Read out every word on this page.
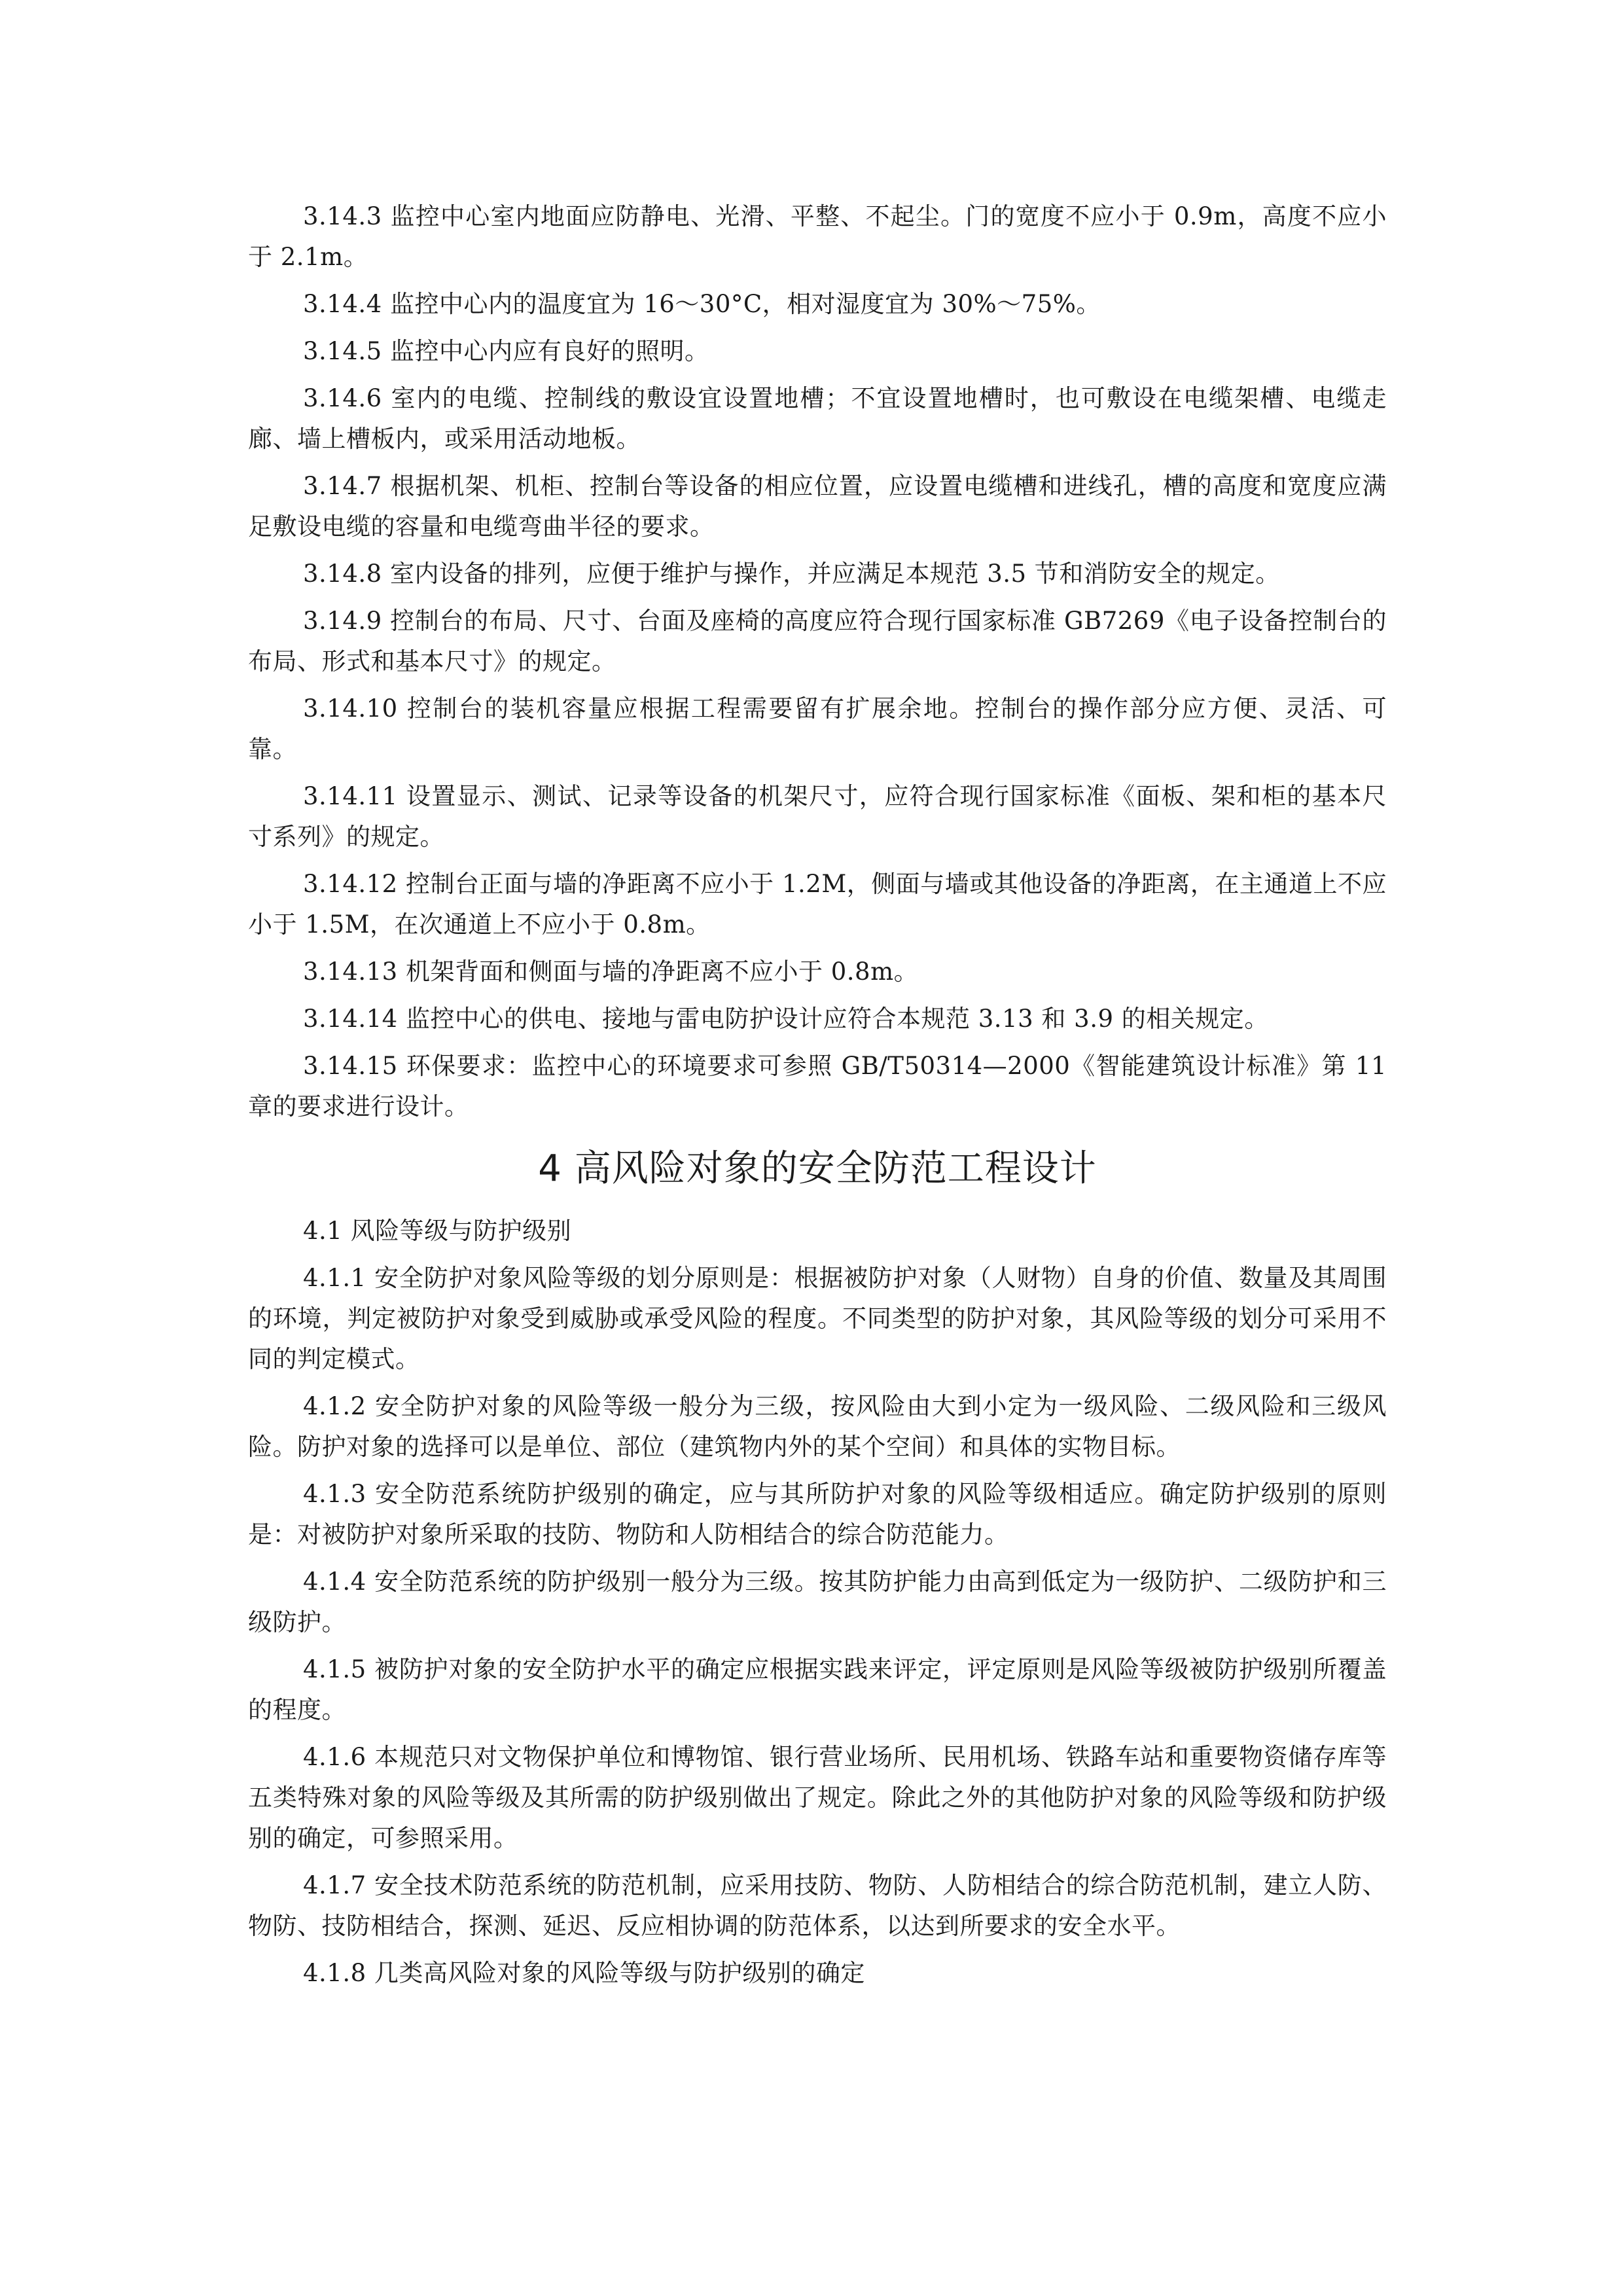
3.14.3 监控中心室内地面应防静电、光滑、平整、不起尘。门的宽度不应小于 0.9m，高度不应小于 2.1m。

3.14.4 监控中心内的温度宜为 16～30°C，相对湿度宜为 30%～75%。

3.14.5 监控中心内应有良好的照明。

3.14.6 室内的电缆、控制线的敷设宜设置地槽；不宜设置地槽时，也可敷设在电缆架槽、电缆走廊、墙上槽板内，或采用活动地板。

3.14.7 根据机架、机柜、控制台等设备的相应位置，应设置电缆槽和进线孔，槽的高度和宽度应满足敷设电缆的容量和电缆弯曲半径的要求。

3.14.8 室内设备的排列，应便于维护与操作，并应满足本规范 3.5 节和消防安全的规定。

3.14.9 控制台的布局、尺寸、台面及座椅的高度应符合现行国家标准 GB7269《电子设备控制台的布局、形式和基本尺寸》的规定。

3.14.10 控制台的装机容量应根据工程需要留有扩展余地。控制台的操作部分应方便、灵活、可靠。

3.14.11 设置显示、测试、记录等设备的机架尺寸，应符合现行国家标准《面板、架和柜的基本尺寸系列》的规定。

3.14.12 控制台正面与墙的净距离不应小于 1.2M，侧面与墙或其他设备的净距离，在主通道上不应小于 1.5M，在次通道上不应小于 0.8m。

3.14.13 机架背面和侧面与墙的净距离不应小于 0.8m。

3.14.14 监控中心的供电、接地与雷电防护设计应符合本规范 3.13 和 3.9 的相关规定。

3.14.15 环保要求：监控中心的环境要求可参照 GB/T50314—2000《智能建筑设计标准》第 11 章的要求进行设计。

4 高风险对象的安全防范工程设计

4.1 风险等级与防护级别

4.1.1 安全防护对象风险等级的划分原则是：根据被防护对象（人财物）自身的价值、数量及其周围的环境，判定被防护对象受到威胁或承受风险的程度。不同类型的防护对象，其风险等级的划分可采用不同的判定模式。

4.1.2 安全防护对象的风险等级一般分为三级，按风险由大到小定为一级风险、二级风险和三级风险。防护对象的选择可以是单位、部位（建筑物内外的某个空间）和具体的实物目标。

4.1.3 安全防范系统防护级别的确定，应与其所防护对象的风险等级相适应。确定防护级别的原则是：对被防护对象所采取的技防、物防和人防相结合的综合防范能力。

4.1.4 安全防范系统的防护级别一般分为三级。按其防护能力由高到低定为一级防护、二级防护和三级防护。

4.1.5 被防护对象的安全防护水平的确定应根据实践来评定，评定原则是风险等级被防护级别所覆盖的程度。

4.1.6 本规范只对文物保护单位和博物馆、银行营业场所、民用机场、铁路车站和重要物资储存库等五类特殊对象的风险等级及其所需的防护级别做出了规定。除此之外的其他防护对象的风险等级和防护级别的确定，可参照采用。

4.1.7 安全技术防范系统的防范机制，应采用技防、物防、人防相结合的综合防范机制，建立人防、物防、技防相结合，探测、延迟、反应相协调的防范体系，以达到所要求的安全水平。

4.1.8 几类高风险对象的风险等级与防护级别的确定
